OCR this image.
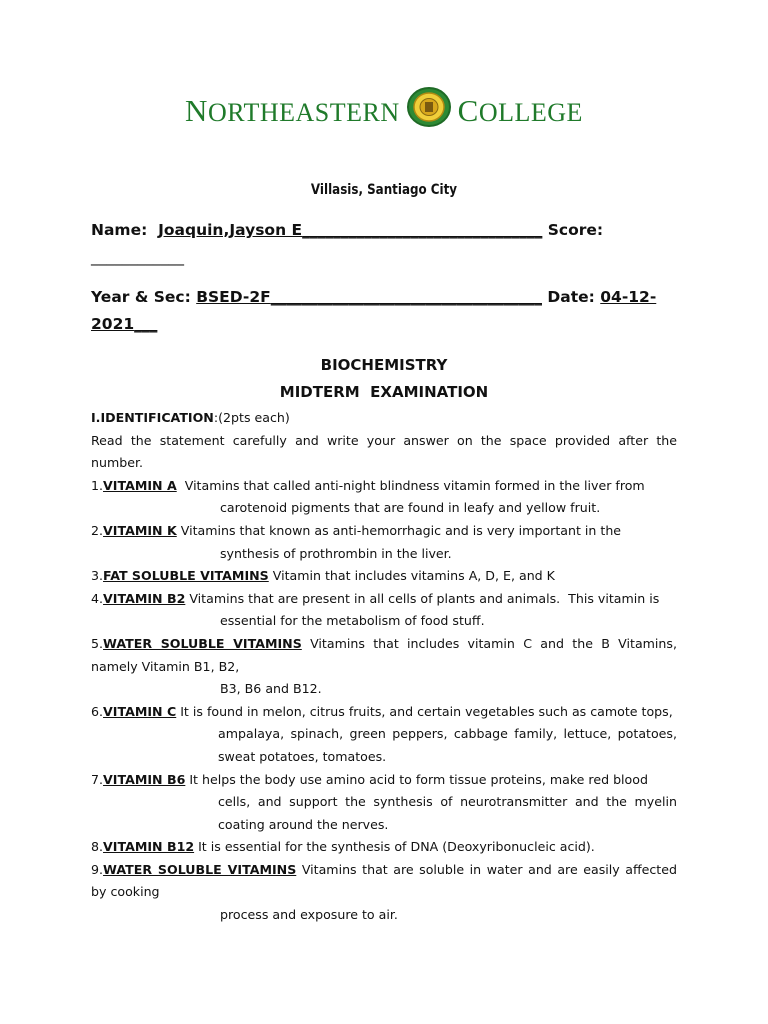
NORTHEASTERN COLLEGE
Villasis, Santiago City
Name: Joaquin,Jayson E_______________________________ Score:
____________
Year & Sec: BSED-2F___________________________________ Date: 04-12-
2021___
BIOCHEMISTRY
MIDTERM  EXAMINATION
I.IDENTIFICATION:(2pts each)
Read the statement carefully and write your answer on the space provided after the
number.
1.VITAMIN A  Vitamins that called anti-night blindness vitamin formed in the liver from
carotenoid pigments that are found in leafy and yellow fruit.
2.VITAMIN K Vitamins that known as anti-hemorrhagic and is very important in the
synthesis of prothrombin in the liver.
3.FAT SOLUBLE VITAMINS Vitamin that includes vitamins A, D, E, and K
4.VITAMIN B2 Vitamins that are present in all cells of plants and animals.  This vitamin is
essential for the metabolism of food stuff.
5.WATER SOLUBLE VITAMINS Vitamins that includes vitamin C and the B Vitamins,
namely Vitamin B1, B2,
B3, B6 and B12.
6.VITAMIN C It is found in melon, citrus fruits, and certain vegetables such as camote tops,
ampalaya, spinach, green peppers, cabbage family, lettuce, potatoes,
sweat potatoes, tomatoes.
7.VITAMIN B6 It helps the body use amino acid to form tissue proteins, make red blood
cells, and support the synthesis of neurotransmitter and the myelin
coating around the nerves.
8.VITAMIN B12 It is essential for the synthesis of DNA (Deoxyribonucleic acid).
9.WATER SOLUBLE VITAMINS Vitamins that are soluble in water and are easily affected
by cooking
process and exposure to air.
